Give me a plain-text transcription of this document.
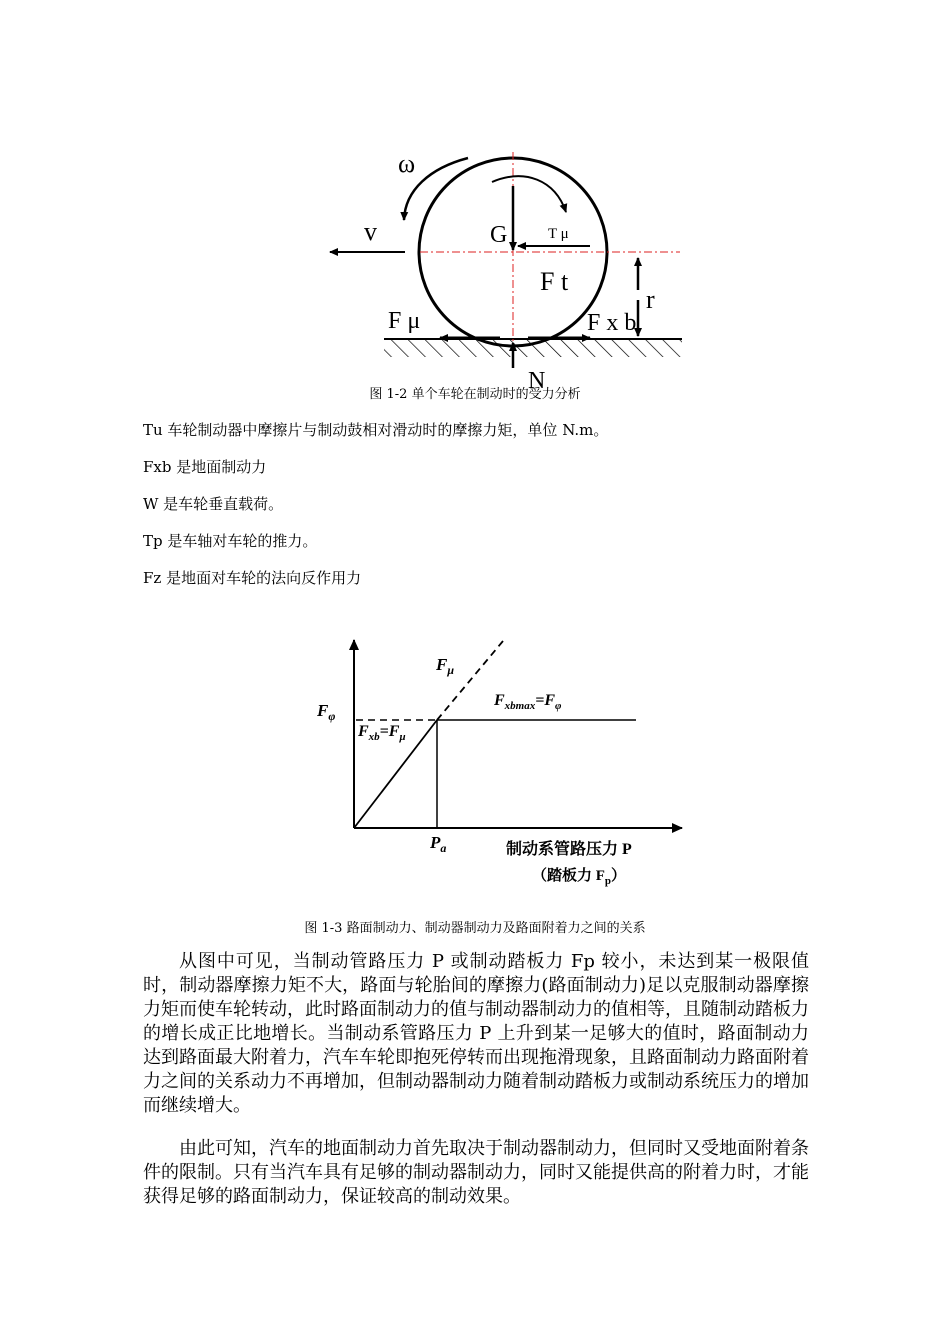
ω
v	G	T μ
F t
r
F μ	F x b
N
图 1-2 单个车轮在制动时的受力分析
Tu 车轮制动器中摩擦片与制动鼓相对滑动时的摩擦力矩，单位 N.m。
Fxb 是地面制动力
W 是车轮垂直载荷。
Tp 是车轴对车轮的推力。
Fz 是地面对车轮的法向反作用力
$F_\varphi$
$F_\mu$
$F_{xbmax}=F_\varphi$
$F_{xb}=F_\mu$
$P_a$	制动系管路压力 P
（踏板力 $F_p$）
图 1-3 路面制动力、制动器制动力及路面附着力之间的关系

从图中可见，当制动管路压力 P 或制动踏板力 Fp 较小，未达到某一极限值时，制动器摩擦力矩不大，路面与轮胎间的摩擦力(路面制动力)足以克服制动器摩擦力矩而使车轮转动，此时路面制动力的值与制动器制动力的值相等，且随制动踏板力的增长成正比地增长。当制动系管路压力 P 上升到某一足够大的值时，路面制动力达到路面最大附着力，汽车车轮即抱死停转而出现拖滑现象，且路面制动力路面附着力之间的关系动力不再增加，但制动器制动力随着制动踏板力或制动系统压力的增加而继续增大。

由此可知，汽车的地面制动力首先取决于制动器制动力，但同时又受地面附着条件的限制。只有当汽车具有足够的制动器制动力，同时又能提供高的附着力时，才能获得足够的路面制动力，保证较高的制动效果。
